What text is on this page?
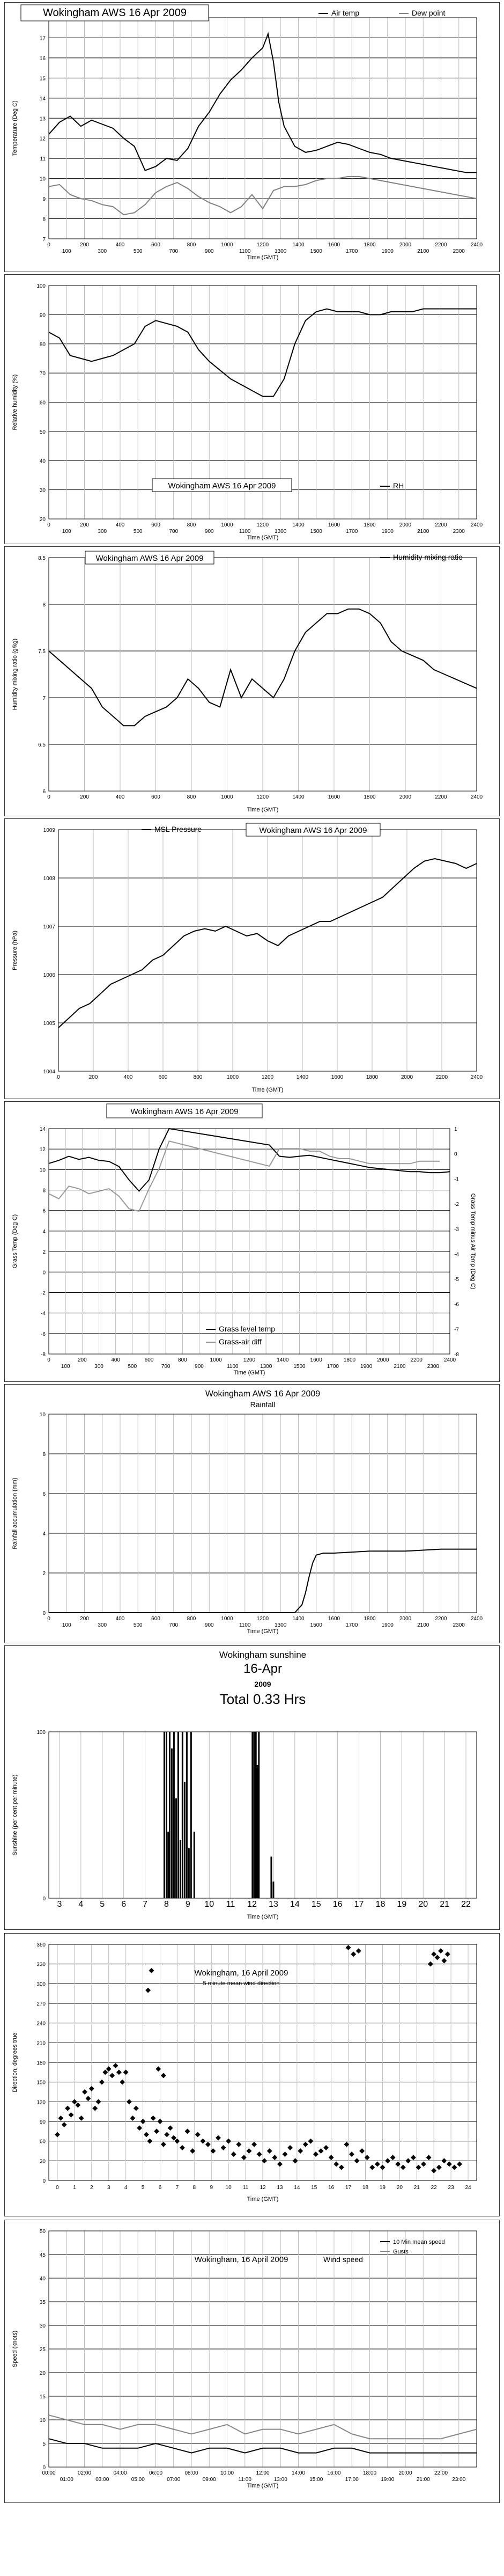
7
8
9
10
11
12
13
14
15
16
17
100
200
300
400
500
600
700
800
900
1000
1100
1200
1300
1400
1500
1600
1700
1800
1900
2000
2100
2200
2300
2400
0
Time (GMT)
Temperature (Deg C)
Wokingham AWS 16 Apr 2009	Air temp	Dew point
20
30
40
50
60
70
80
90
100
100
200
300
400
500
600
700
800
900
1000
1100
1200
1300
1400
1500
1600
1700
1800
1900
2000
2100
2200
2300
2400
0
Time (GMT)
Relative humidity (%)
Wokingham AWS 16 Apr 2009	RH
6
6.5
7
7.5
8
8.5
0	200	400	600	800	1000	1200	1400	1600	1800	2000	2200	2400
Time (GMT)
Humidity mixing ratio (g/kg)
Wokingham AWS 16 Apr 2009	Humidity mixing ratio
1004
1005
1006
1007
1008
1009
0	200	400	600	800	1000	1200	1400	1600	1800	2000	2200	2400
Time (GMT)
Pressure (hPa)
Wokingham AWS 16 Apr 2009
MSL Pressure
-8
-6
-4
-2
0
2
4
6
8
10
12
14
-8
-7
-6
-5
-4
-3
-2
-1
0
1
100
200
300
400
500
600
700
800
900
1000
1100
1200
1300
1400
1500
1600
1700
1800
1900
2000
2100
2200
2300
2400
0
Time (GMT)
Grass Temp (Deg C)	Grass Temp minus Air Temp (Deg C)
Wokingham AWS 16 Apr 2009
Grass level temp
Grass-air diff
0
2
4
6
8
10
100
200
300
400
500
600
700
800
900
1000
1100
1200
1300
1400
1500
1600
1700
1800
1900
2000
2100
2200
2300
2400
0
Time (GMT)
Rainfall accumulation (mm)
Wokingham AWS 16 Apr 2009
Rainfall
0
100
3 4 5 6 7 8 9 10 11 12 13 14 15 16 17 18 19 20 21 22
Time (GMT)
Sunshine (per cent per minute)
Wokingham sunshine
16-Apr
2009
Total 0.33 Hrs
0
30
60
90
120
150
180
210
240
270
300
330
360
0	1	2	3	4	5	6	7	8	9 10 11 12 13 14 15 16 17 18 19 20 21 22 23 24
Time (GMT)
Direction, degrees true
Wokingham, 16 April 2009
5 minute mean wind direction
0
5
10
15
20
25
30
35
40
45
50
00:00	02:00	04:00	06:00	08:00	10:00	12:00	14:00	16:00	18:00	20:00	22:00
01:00	03:00	05:00	07:00	09:00	11:00	13:00	15:00	17:00	19:00	21:00	23:00
Time (GMT)
Speed (knots)
Wokingham, 16 April 2009	Wind speed
10 Min mean speed
Gusts
